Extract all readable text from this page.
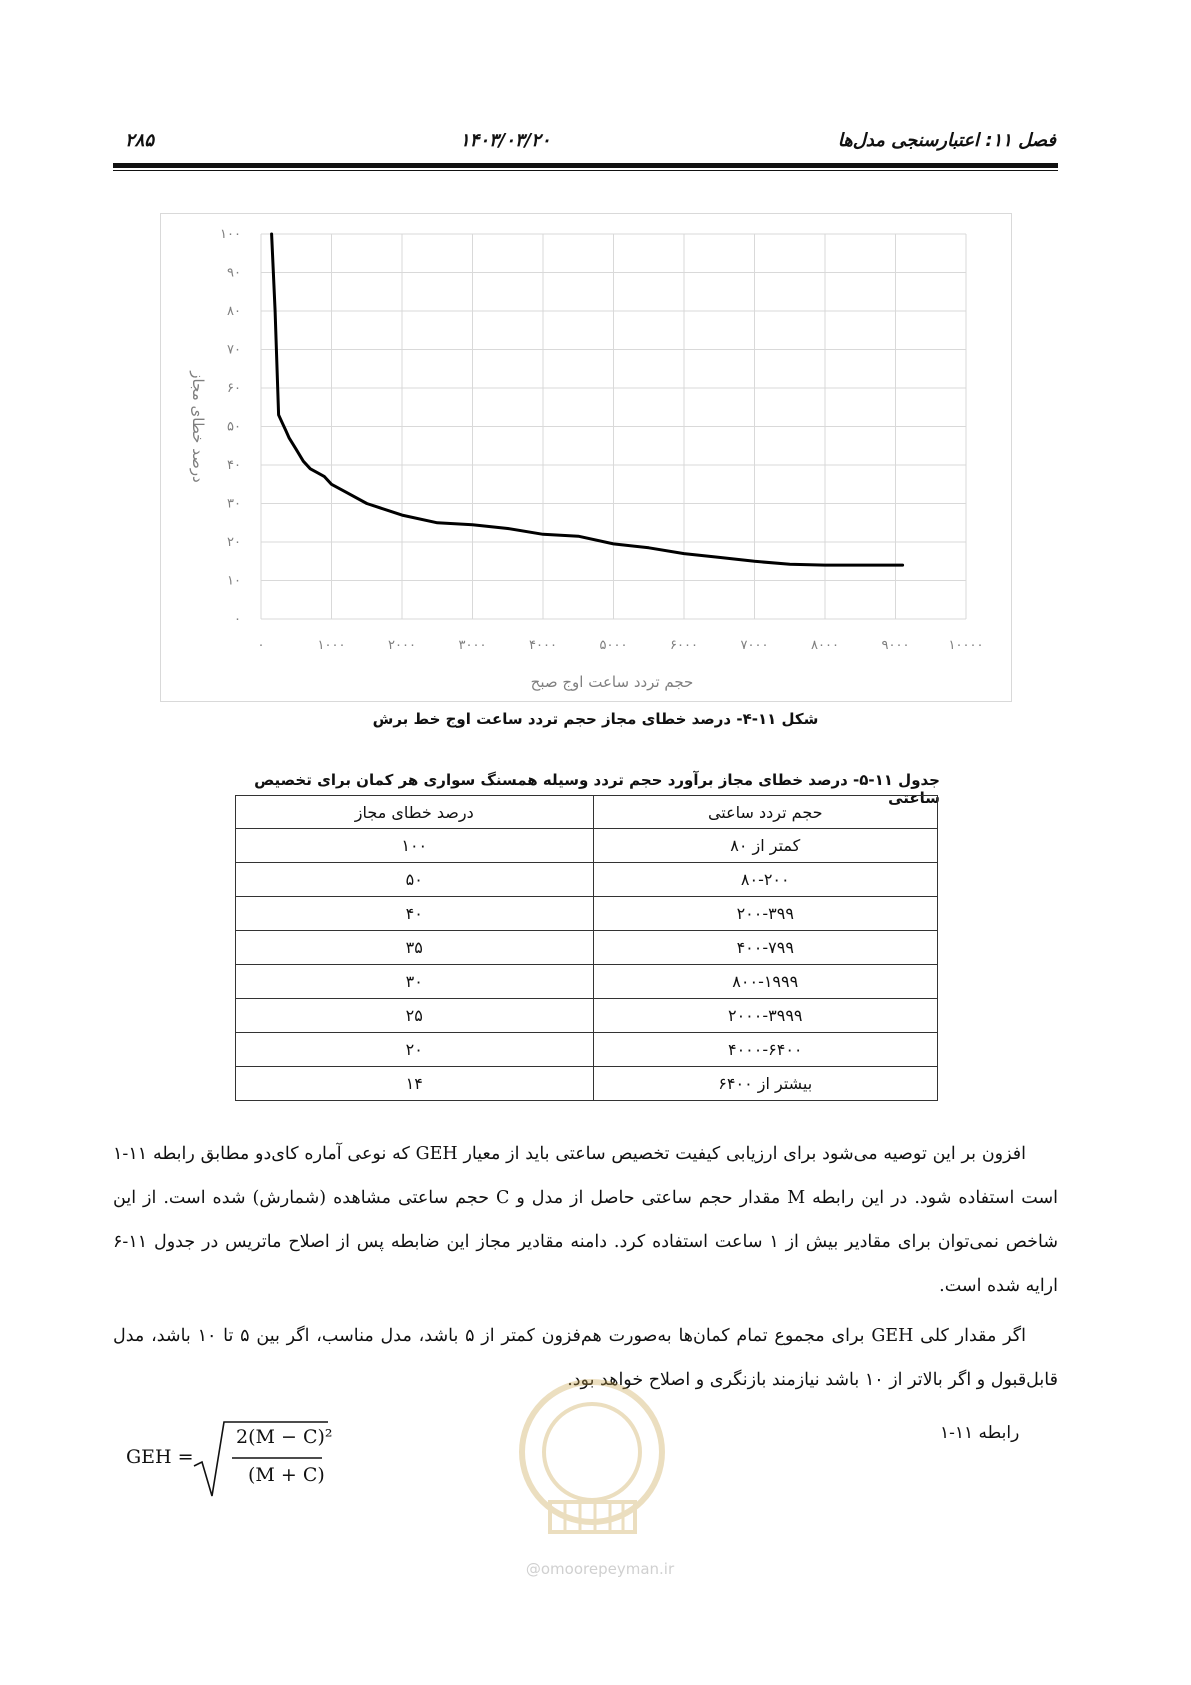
۲۸۵	۱۴۰۳/۰۳/۲۰	فصل ۱۱: اعتبارسنجی مدل‌ها
۰	۱۰۰۰	۲۰۰۰	۳۰۰۰	۴۰۰۰	۵۰۰۰	۶۰۰۰	۷۰۰۰	۸۰۰۰	۹۰۰۰	۱۰۰۰۰
۰
۱۰
۲۰
۳۰
۴۰
۵۰
۶۰
۷۰
۸۰
۹۰
۱۰۰
درصد خطای مجاز
حجم تردد ساعت اوج صبح
شکل ۱۱-۴- درصد خطای مجاز حجم تردد ساعت اوج خط برش
جدول ۱۱-۵- درصد خطای مجاز برآورد حجم تردد وسیله همسنگ سواری هر کمان برای تخصیص ساعتی
حجم تردد ساعتی	درصد خطای مجاز
کمتر از ۸۰	۱۰۰
۸۰-۲۰۰	۵۰
۲۰۰-۳۹۹	۴۰
۴۰۰-۷۹۹	۳۵
۸۰۰-۱۹۹۹	۳۰
۲۰۰۰-۳۹۹۹	۲۵
۴۰۰۰-۶۴۰۰	۲۰
بیشتر از ۶۴۰۰	۱۴
افزون بر این توصیه می‌شود برای ارزیابی کیفیت تخصیص ساعتی باید از معیار GEH که نوعی آماره کای‌دو مطابق رابطه ۱۱-۱ است استفاده شود. در این رابطه M مقدار حجم ساعتی حاصل از مدل و C حجم ساعتی مشاهده (شمارش) شده است. از این شاخص نمی‌توان برای مقادیر بیش از ۱ ساعت استفاده کرد. دامنه مقادیر مجاز این ضابطه پس از اصلاح ماتریس در جدول ۱۱-۶ ارایه شده است.
اگر مقدار کلی GEH برای مجموع تمام کمان‌ها به‌صورت هم‌فزون کمتر از ۵ باشد، مدل مناسب، اگر بین ۵ تا ۱۰ باشد، مدل قابل‌قبول و اگر بالاتر از ۱۰ باشد نیازمند بازنگری و اصلاح خواهد بود.
@omoorepeyman.ir
رابطه ۱۱-۱
GEH =
2(M − C)²
(M + C)
